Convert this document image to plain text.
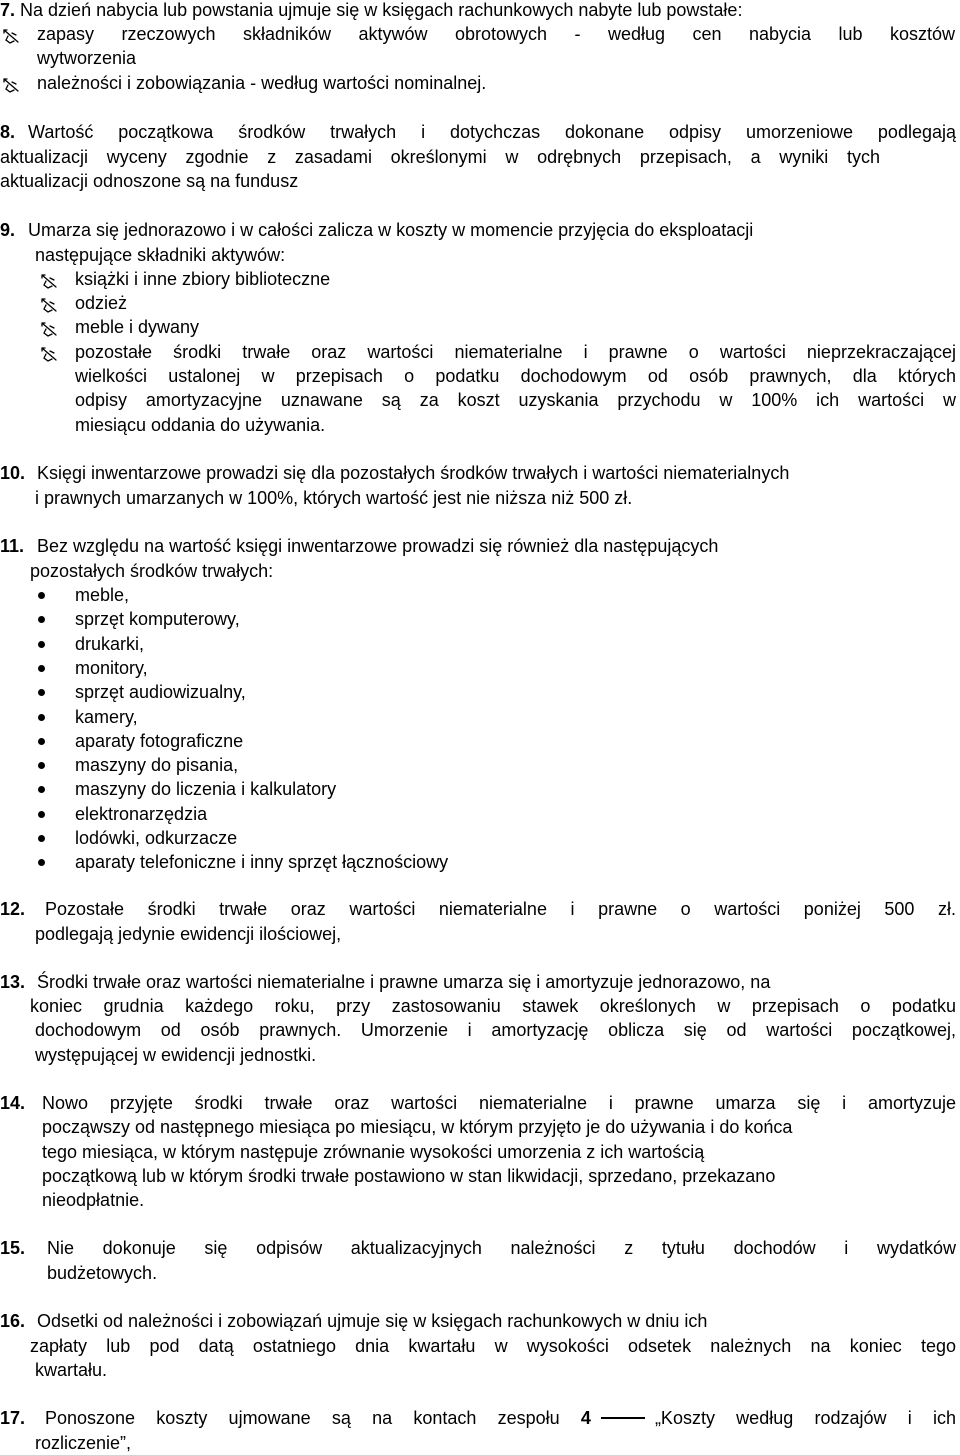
7. Na dzień nabycia lub powstania ujmuje się w księgach rachunkowych nabyte lub powstałe:
zapasy rzeczowych składników aktywów obrotowych - według cen nabycia lub kosztów
wytworzenia
należności i zobowiązania - według wartości nominalnej.
8. Wartość początkowa środków trwałych i dotychczas dokonane odpisy umorzeniowe podlegają
aktualizacji wyceny zgodnie z zasadami określonymi w odrębnych przepisach, a wyniki tych
aktualizacji odnoszone są na fundusz
9. Umarza się jednorazowo i w całości zalicza w koszty w momencie przyjęcia do eksploatacji
następujące składniki aktywów:
książki i inne zbiory biblioteczne
odzież
meble i dywany
pozostałe środki trwałe oraz wartości niematerialne i prawne o wartości nieprzekraczającej
wielkości ustalonej w przepisach o podatku dochodowym od osób prawnych, dla których
odpisy amortyzacyjne uznawane są za koszt uzyskania przychodu w 100% ich wartości w
miesiącu oddania do używania.
10. Księgi inwentarzowe prowadzi się dla pozostałych środków trwałych i wartości niematerialnych
i prawnych umarzanych w 100%, których wartość jest nie niższa niż 500 zł.
11. Bez względu na wartość księgi inwentarzowe prowadzi się również dla następujących
pozostałych środków trwałych:
meble,
sprzęt komputerowy,
drukarki,
monitory,
sprzęt audiowizualny,
kamery,
aparaty fotograficzne
maszyny do pisania,
maszyny do liczenia i kalkulatory
elektronarzędzia
lodówki, odkurzacze
aparaty telefoniczne i inny sprzęt łącznościowy
12. Pozostałe środki trwałe oraz wartości niematerialne i prawne o wartości poniżej 500 zł.
podlegają jedynie ewidencji ilościowej,
13. Środki trwałe oraz wartości niematerialne i prawne umarza się i amortyzuje jednorazowo, na
koniec grudnia każdego roku, przy zastosowaniu stawek określonych w przepisach o podatku
dochodowym od osób prawnych. Umorzenie i amortyzację oblicza się od wartości początkowej,
występującej w ewidencji jednostki.
14. Nowo przyjęte środki trwałe oraz wartości niematerialne i prawne umarza się i amortyzuje
począwszy od następnego miesiąca po miesiącu, w którym przyjęto je do używania i do końca
tego miesiąca, w którym następuje zrównanie wysokości umorzenia z ich wartością
początkową lub w którym środki trwałe postawiono w stan likwidacji, sprzedano, przekazano
nieodpłatnie.
15. Nie dokonuje się odpisów aktualizacyjnych należności z tytułu dochodów i wydatków
budżetowych.
16. Odsetki od należności i zobowiązań ujmuje się w księgach rachunkowych w dniu ich
zapłaty lub pod datą ostatniego dnia kwartału w wysokości odsetek należnych na koniec tego
kwartału.
17. Ponoszone koszty ujmowane są na kontach zespołu 4	„Koszty według rodzajów i ich
rozliczenie”,
